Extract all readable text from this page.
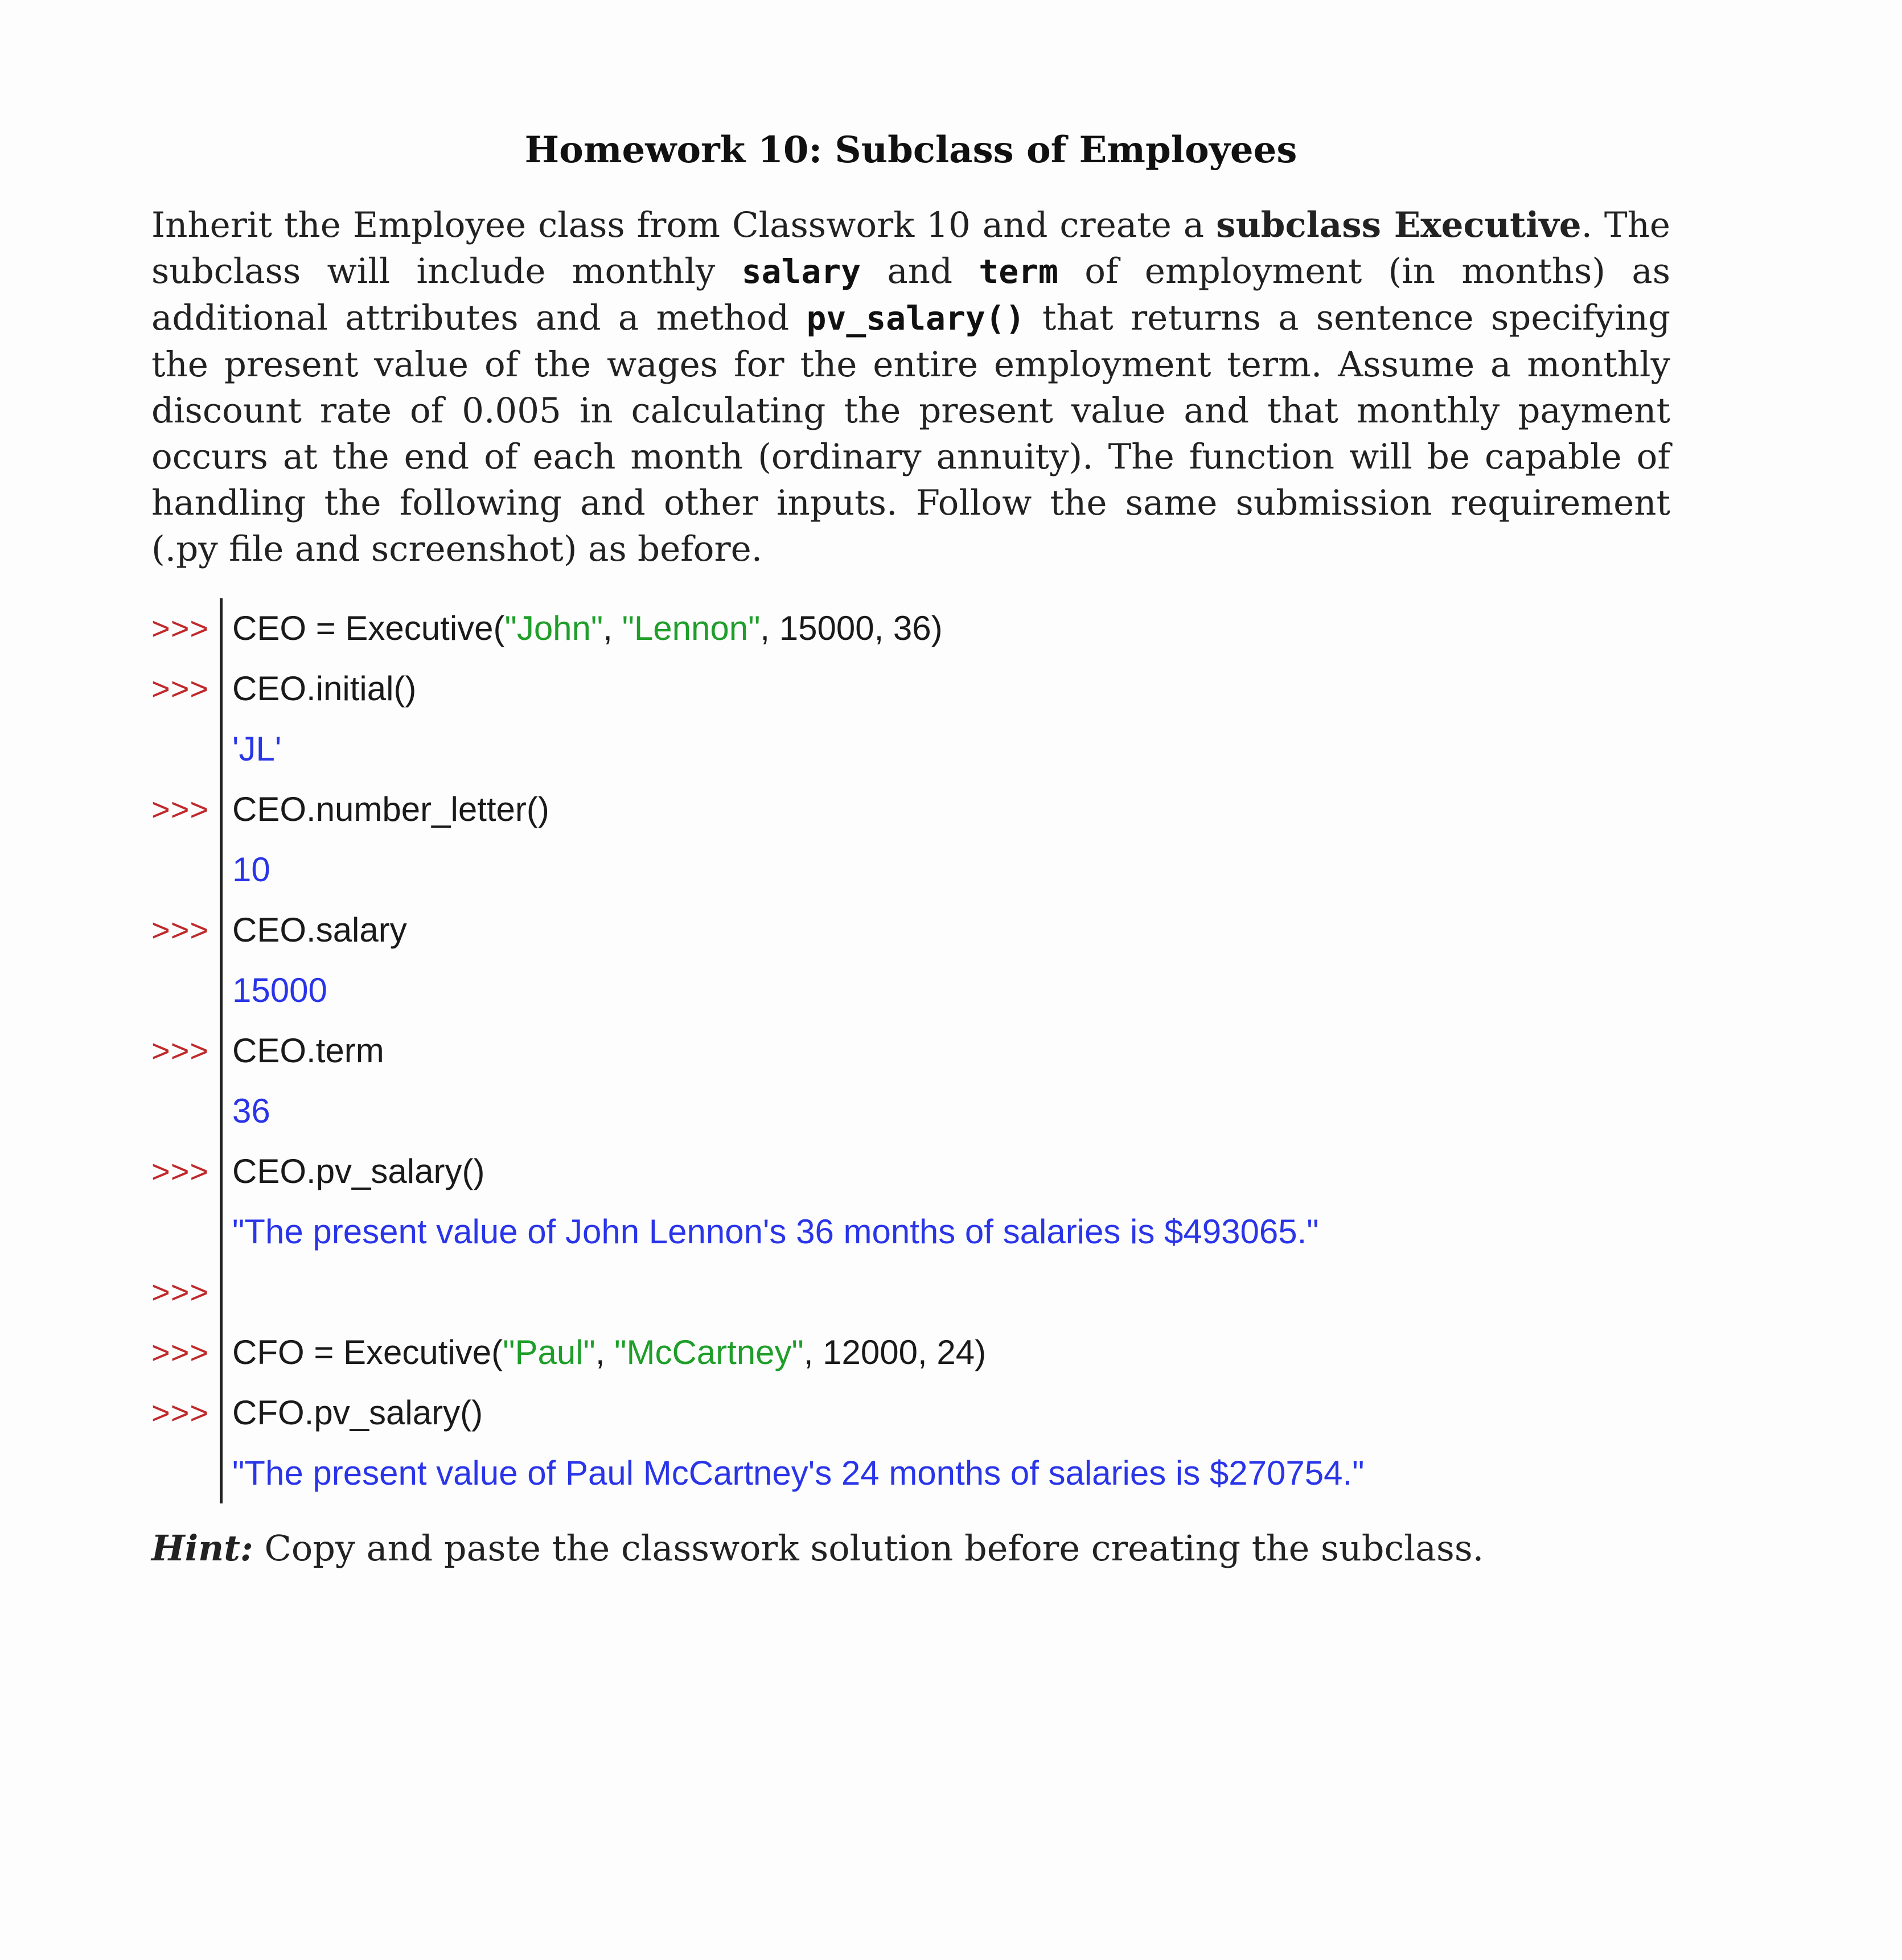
Homework 10: Subclass of Employees

Inherit the Employee class from Classwork 10 and create a subclass Executive. The subclass will include monthly salary and term of employment (in months) as additional attributes and a method pv_salary() that returns a sentence specifying the present value of the wages for the entire employment term. Assume a monthly discount rate of 0.005 in calculating the present value and that monthly payment occurs at the end of each month (ordinary annuity). The function will be capable of handling the following and other inputs. Follow the same submission requirement (.py file and screenshot) as before.

>>> CEO = Executive("John", "Lennon", 15000, 36)
>>> CEO.initial()
'JL'
>>> CEO.number_letter()
10
>>> CEO.salary
15000
>>> CEO.term
36
>>> CEO.pv_salary()
"The present value of John Lennon's 36 months of salaries is $493065."
>>>
>>> CFO = Executive("Paul", "McCartney", 12000, 24)
>>> CFO.pv_salary()
"The present value of Paul McCartney's 24 months of salaries is $270754."

Hint: Copy and paste the classwork solution before creating the subclass.
